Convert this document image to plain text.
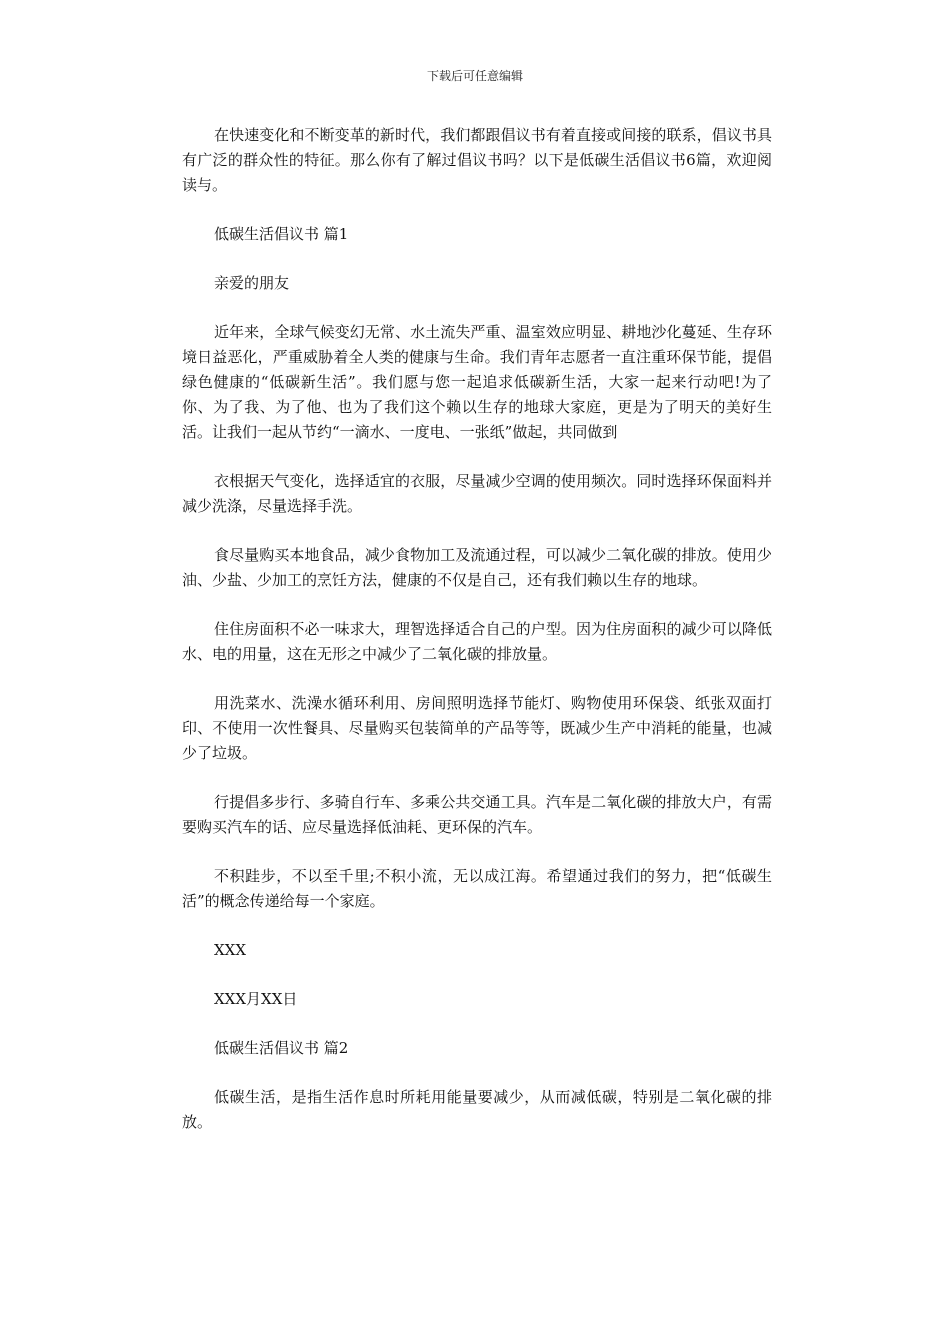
下载后可任意编辑

在快速变化和不断变革的新时代，我们都跟倡议书有着直接或间接的联系，倡议书具有广泛的群众性的特征。那么你有了解过倡议书吗？以下是低碳生活倡议书6篇，欢迎阅读与。

低碳生活倡议书 篇1

亲爱的朋友

近年来，全球气候变幻无常、水土流失严重、温室效应明显、耕地沙化蔓延、生存环境日益恶化，严重威胁着全人类的健康与生命。我们青年志愿者一直注重环保节能，提倡绿色健康的“低碳新生活”。我们愿与您一起追求低碳新生活，大家一起来行动吧!为了你、为了我、为了他、也为了我们这个赖以生存的地球大家庭，更是为了明天的美好生活。让我们一起从节约“一滴水、一度电、一张纸”做起，共同做到

衣根据天气变化，选择适宜的衣服，尽量减少空调的使用频次。同时选择环保面料并减少洗涤，尽量选择手洗。

食尽量购买本地食品，减少食物加工及流通过程，可以减少二氧化碳的排放。使用少油、少盐、少加工的烹饪方法，健康的不仅是自己，还有我们赖以生存的地球。

住住房面积不必一味求大，理智选择适合自己的户型。因为住房面积的减少可以降低水、电的用量，这在无形之中减少了二氧化碳的排放量。

用洗菜水、洗澡水循环利用、房间照明选择节能灯、购物使用环保袋、纸张双面打印、不使用一次性餐具、尽量购买包装简单的产品等等，既减少生产中消耗的能量，也减少了垃圾。

行提倡多步行、多骑自行车、多乘公共交通工具。汽车是二氧化碳的排放大户，有需要购买汽车的话、应尽量选择低油耗、更环保的汽车。

不积跬步，不以至千里;不积小流，无以成江海。希望通过我们的努力，把“低碳生活”的概念传递给每一个家庭。

XXX

XXX月XX日

低碳生活倡议书 篇2

低碳生活，是指生活作息时所耗用能量要减少，从而减低碳，特别是二氧化碳的排放。
